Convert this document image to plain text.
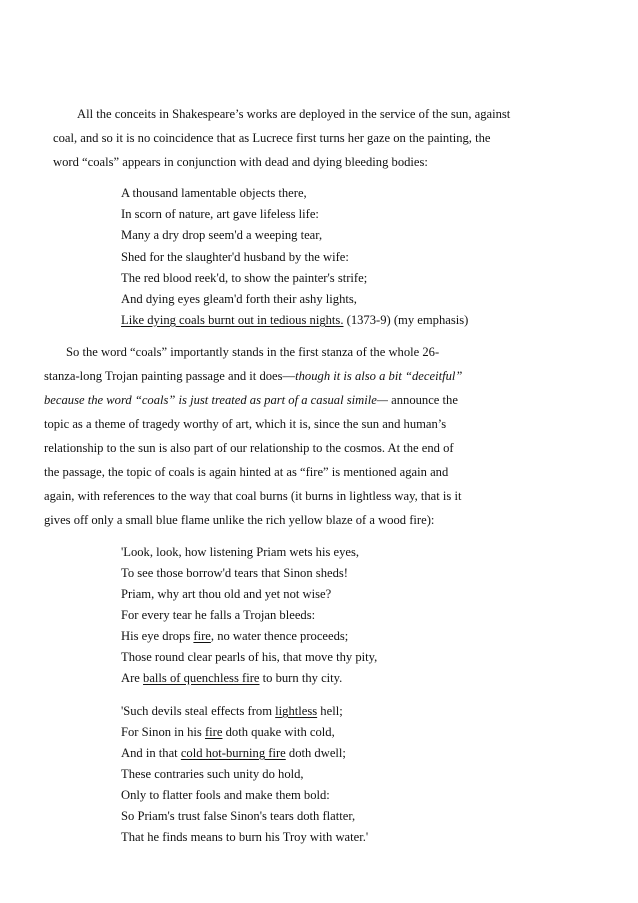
All the conceits in Shakespeare’s works are deployed in the service of the sun, against
coal, and so it is no coincidence that as Lucrece first turns her gaze on the painting, the
word “coals” appears in conjunction with dead and dying bleeding bodies:
A thousand lamentable objects there,
In scorn of nature, art gave lifeless life:
Many a dry drop seem'd a weeping tear,
Shed for the slaughter'd husband by the wife:
The red blood reek'd, to show the painter's strife;
And dying eyes gleam'd forth their ashy lights,
Like dying coals burnt out in tedious nights. (1373-9) (my emphasis)
So the word “coals” importantly stands in the first stanza of the whole 26-
stanza-long Trojan painting passage and it does—though it is also a bit “deceitful”
because the word “coals” is just treated as part of a casual simile— announce the
topic as a theme of tragedy worthy of art, which it is, since the sun and human’s
relationship to the sun is also part of our relationship to the cosmos. At the end of
the passage, the topic of coals is again hinted at as “fire” is mentioned again and
again, with references to the way that coal burns (it burns in lightless way, that is it
gives off only a small blue flame unlike the rich yellow blaze of a wood fire):
'Look, look, how listening Priam wets his eyes,
To see those borrow'd tears that Sinon sheds!
Priam, why art thou old and yet not wise?
For every tear he falls a Trojan bleeds:
His eye drops fire, no water thence proceeds;
Those round clear pearls of his, that move thy pity,
Are balls of quenchless fire to burn thy city.
'Such devils steal effects from lightless hell;
For Sinon in his fire doth quake with cold,
And in that cold hot-burning fire doth dwell;
These contraries such unity do hold,
Only to flatter fools and make them bold:
So Priam's trust false Sinon's tears doth flatter,
That he finds means to burn his Troy with water.'
